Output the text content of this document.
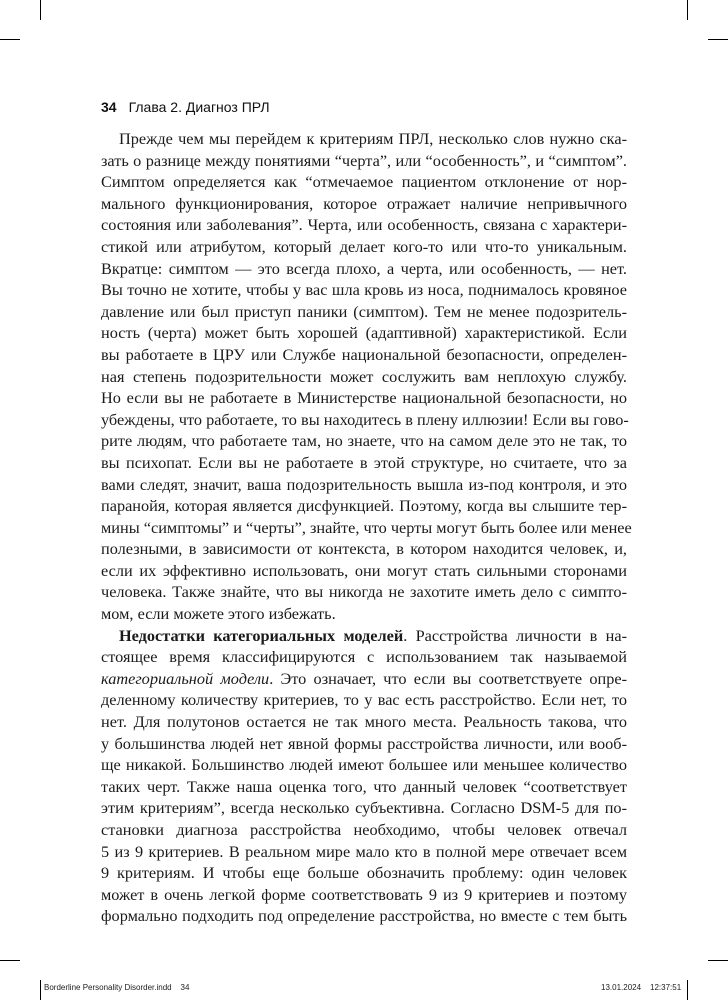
34 Глава 2. Диагноз ПРЛ

Прежде чем мы перейдем к критериям ПРЛ, несколько слов нужно ска-

зать о разнице между понятиями “черта”, или “особенность”, и “симптом”.

Симптом определяется как “отмечаемое пациентом отклонение от нор-

мального функционирования, которое отражает наличие непривычного

состояния или заболевания”. Черта, или особенность, связана с характери-

стикой или атрибутом, который делает кого-то или что-то уникальным.

Вкратце: симптом — это всегда плохо, а черта, или особенность, — нет.

Вы точно не хотите, чтобы у вас шла кровь из носа, поднималось кровяное

давление или был приступ паники (симптом). Тем не менее подозритель-

ность (черта) может быть хорошей (адаптивной) характеристикой. Если

вы работаете в ЦРУ или Службе национальной безопасности, определен-

ная степень подозрительности может сослужить вам неплохую службу.

Но если вы не работаете в Министерстве национальной безопасности, но

убеждены, что работаете, то вы находитесь в плену иллюзии! Если вы гово-

рите людям, что работаете там, но знаете, что на самом деле это не так, то

вы психопат. Если вы не работаете в этой структуре, но считаете, что за

вами следят, значит, ваша подозрительность вышла из-под контроля, и это

паранойя, которая является дисфункцией. Поэтому, когда вы слышите тер-

мины “симптомы” и “черты”, знайте, что черты могут быть более или менее

полезными, в зависимости от контекста, в котором находится человек, и,

если их эффективно использовать, они могут стать сильными сторонами

человека. Также знайте, что вы никогда не захотите иметь дело с симпто-

мом, если можете этого избежать.

Недостатки категориальных моделей. Расстройства личности в на-

стоящее время классифицируются с использованием так называемой

категориальной модели. Это означает, что если вы соответствуете опре-

деленному количеству критериев, то у вас есть расстройство. Если нет, то

нет. Для полутонов остается не так много места. Реальность такова, что

у большинства людей нет явной формы расстройства личности, или вооб-

ще никакой. Большинство людей имеют большее или меньшее количество

таких черт. Также наша оценка того, что данный человек “соответствует

этим критериям”, всегда несколько субъективна. Согласно DSM-5 для по-

становки диагноза расстройства необходимо, чтобы человек отвечал

5 из 9 критериев. В реальном мире мало кто в полной мере отвечает всем

9 критериям. И чтобы еще больше обозначить проблему: один человек

может в очень легкой форме соответствовать 9 из 9 критериев и поэтому

формально подходить под определение расстройства, но вместе с тем быть

Borderline Personality Disorder.indd 34	13.01.2024 12:37:51
